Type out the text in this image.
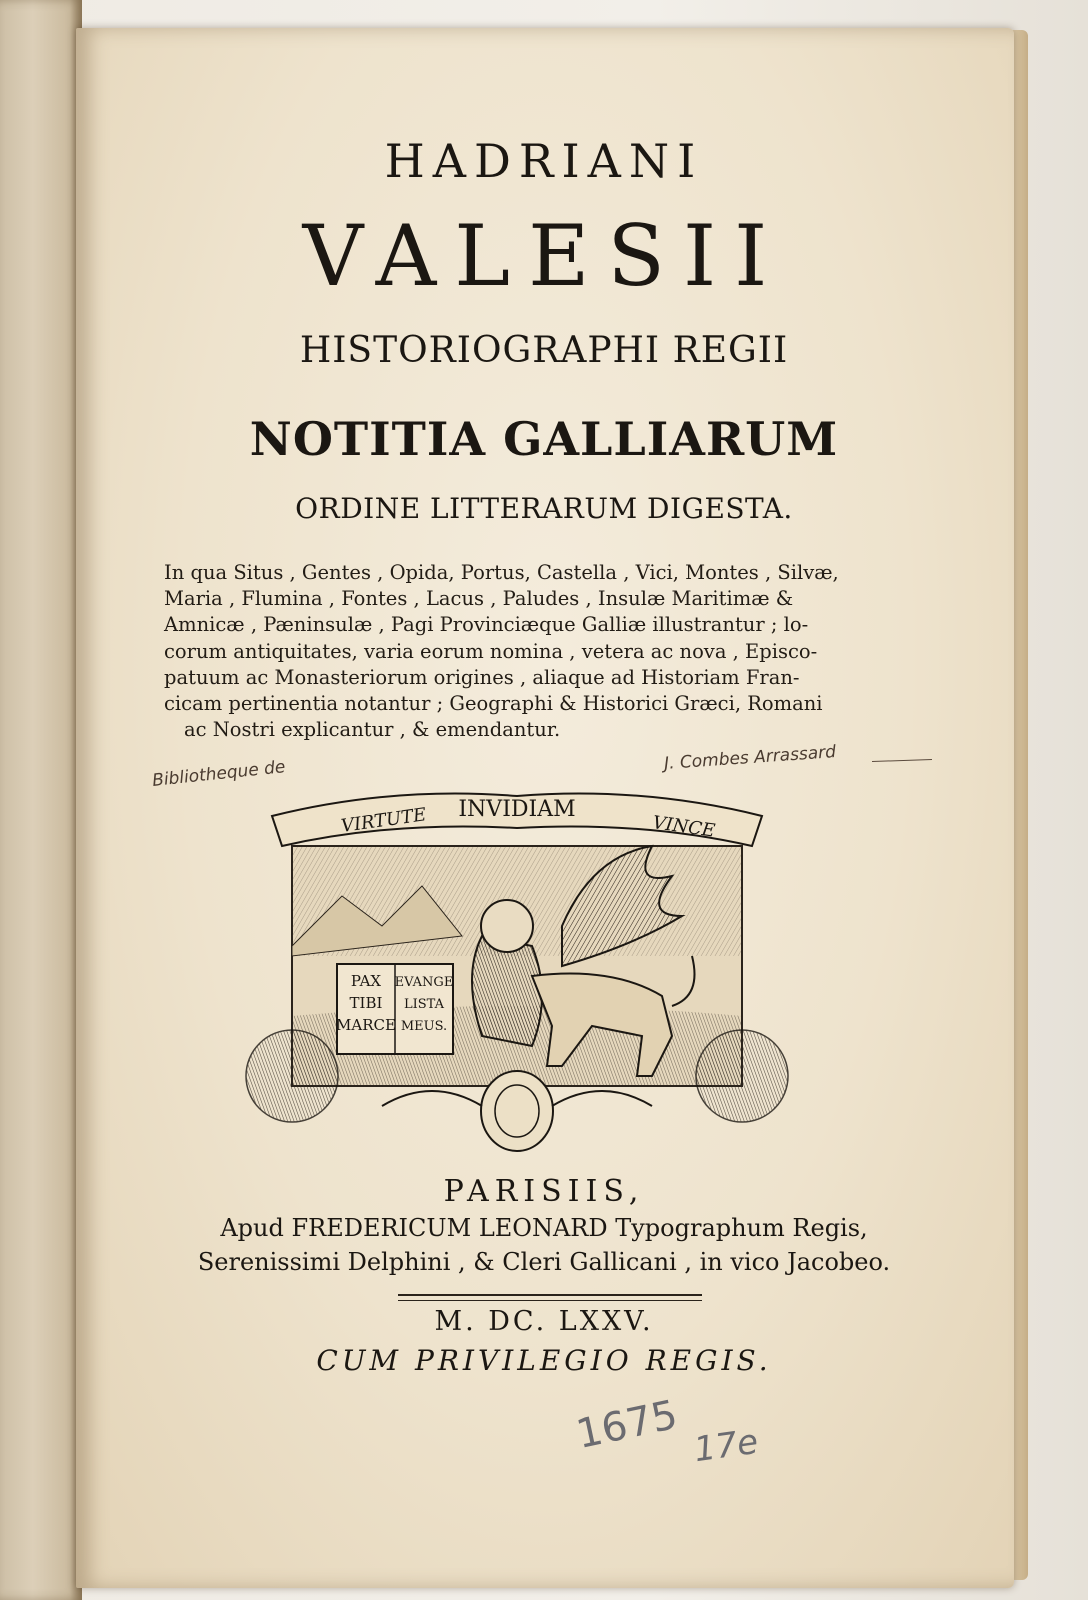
HADRIANI

VALESII

HISTORIOGRAPHI REGII

NOTITIA GALLIARUM

ORDINE LITTERARUM DIGESTA.

In qua Situs , Gentes , Opida, Portus, Castella , Vici, Montes , Silvæ,
Maria , Flumina , Fontes , Lacus , Paludes , Insulæ Maritimæ &
Amnicæ , Pæninsulæ , Pagi Provinciæque Galliæ illustrantur ; lo-
corum antiquitates, varia eorum nomina , vetera ac nova , Episco-
patuum ac Monasteriorum origines , aliaque ad Historiam Fran-
cicam pertinentia notantur ; Geographi & Historici Græci, Romani
ac Nostri explicantur , & emendantur.
Bibliotheque de	J. Combes Arrassard
PAX
TIBI
MARCE
EVANGE
LISTA
MEUS.
VIRTUTE INVIDIAM
VINCE

PARISIIS,

Apud FREDERICUM LEONARD Typographum Regis,

Serenissimi Delphini , & Cleri Gallicani , in vico Jacobeo.

M. DC. LXXV.

CUM PRIVILEGIO REGIS.

1675 17e
